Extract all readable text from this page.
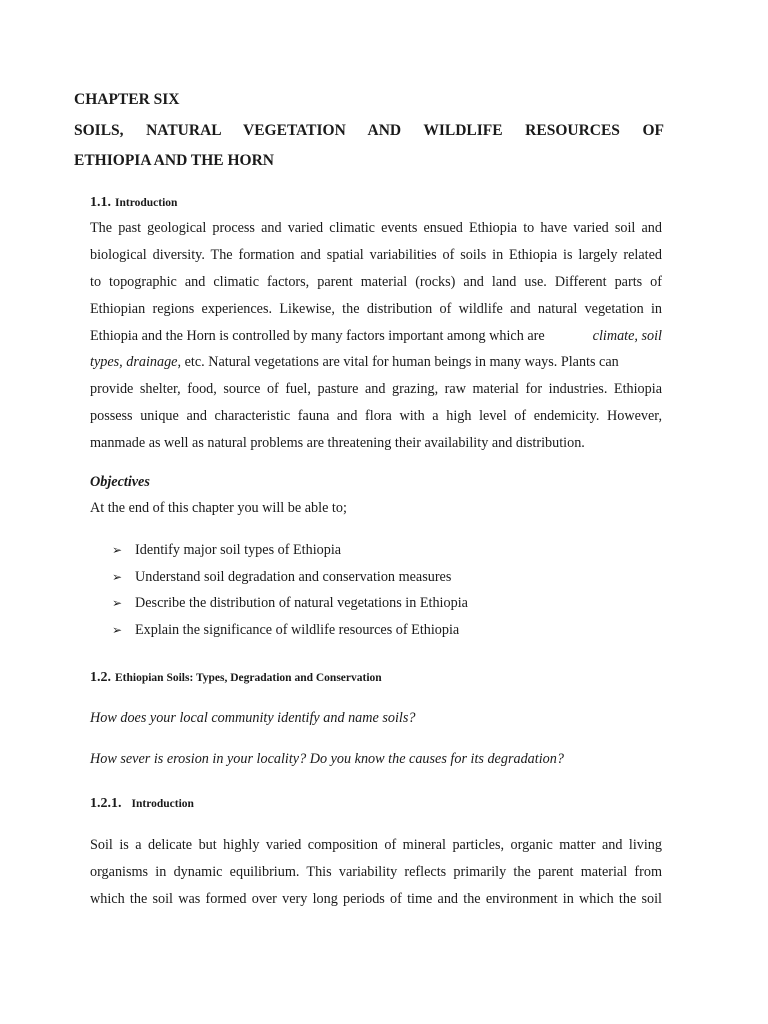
CHAPTER SIX
SOILS, NATURAL VEGETATION AND WILDLIFE RESOURCES OF
ETHIOPIA AND THE HORN
1.1. Introduction
The past geological process and varied climatic events ensued Ethiopia to have varied soil and
biological diversity. The formation and spatial variabilities of soils in Ethiopia is largely related
to topographic and climatic factors, parent material (rocks) and land use. Different parts of
Ethiopian regions experiences. Likewise, the distribution of wildlife and natural vegetation in
Ethiopia and the Horn is controlled by many factors important among which are	climate, soil
types, drainage , etc. Natural vegetations are vital for human beings in many ways. Plants can
provide shelter, food, source of fuel, pasture and grazing, raw material for industries. Ethiopia
possess unique and characteristic fauna and flora with a high level of endemicity. However,
manmade as well as natural problems are threatening their availability and distribution.
Objectives
At the end of this chapter you will be able to;
➢ Identify major soil types of Ethiopia
➢ Understand soil degradation and conservation measures
➢ Describe the distribution of natural vegetations in Ethiopia
➢ Explain the significance of wildlife resources of Ethiopia
1.2. Ethiopian Soils: Types, Degradation and Conservation
How does your local community identify and name soils?
How sever is erosion in your locality? Do you know the causes for its degradation?
1.2.1. Introduction
Soil is a delicate but highly varied composition of mineral particles, organic matter and living
organisms in dynamic equilibrium. This variability reflects primarily the parent material from
which the soil was formed over very long periods of time and the environment in which the soil
